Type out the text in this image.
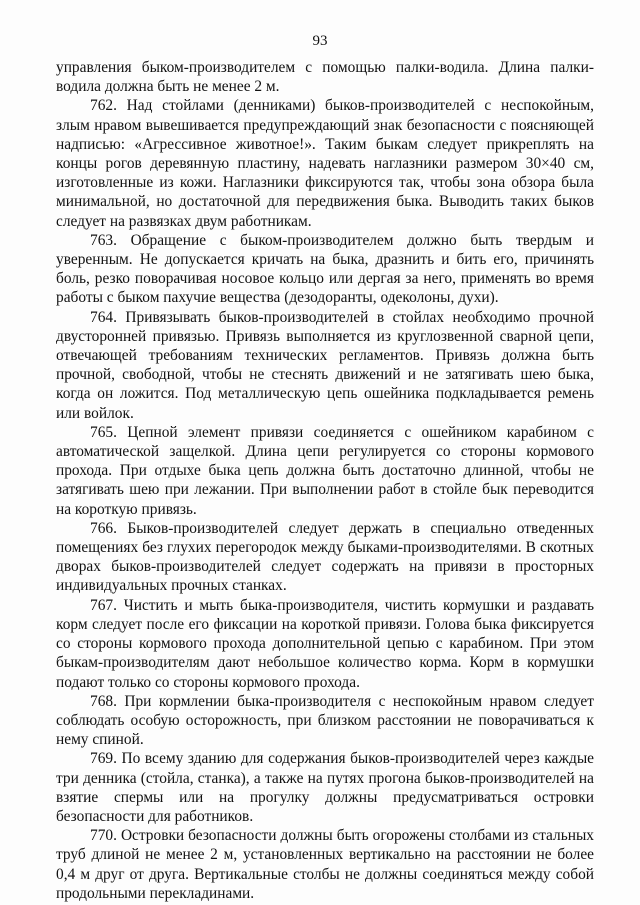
93

управления быком-производителем с помощью палки-водила. Длина палки-водила должна быть не менее 2 м.

762. Над стойлами (денниками) быков-производителей с неспокойным, злым нравом вывешивается предупреждающий знак безопасности с поясняющей надписью: «Агрессивное животное!». Таким быкам следует прикреплять на концы рогов деревянную пластину, надевать наглазники размером 30×40 см, изготовленные из кожи. Наглазники фиксируются так, чтобы зона обзора была минимальной, но достаточной для передвижения быка. Выводить таких быков следует на развязках двум работникам.

763. Обращение с быком-производителем должно быть твердым и уверенным. Не допускается кричать на быка, дразнить и бить его, причинять боль, резко поворачивая носовое кольцо или дергая за него, применять во время работы с быком пахучие вещества (дезодоранты, одеколоны, духи).

764. Привязывать быков-производителей в стойлах необходимо прочной двусторонней привязью. Привязь выполняется из круглозвенной сварной цепи, отвечающей требованиям технических регламентов. Привязь должна быть прочной, свободной, чтобы не стеснять движений и не затягивать шею быка, когда он ложится. Под металлическую цепь ошейника подкладывается ремень или войлок.

765. Цепной элемент привязи соединяется с ошейником карабином с автоматической защелкой. Длина цепи регулируется со стороны кормового прохода. При отдыхе быка цепь должна быть достаточно длинной, чтобы не затягивать шею при лежании. При выполнении работ в стойле бык переводится на короткую привязь.

766. Быков-производителей следует держать в специально отведенных помещениях без глухих перегородок между быками-производителями. В скотных дворах быков-производителей следует содержать на привязи в просторных индивидуальных прочных станках.

767. Чистить и мыть быка-производителя, чистить кормушки и раздавать корм следует после его фиксации на короткой привязи. Голова быка фиксируется со стороны кормового прохода дополнительной цепью с карабином. При этом быкам-производителям дают небольшое количество корма. Корм в кормушки подают только со стороны кормового прохода.

768. При кормлении быка-производителя с неспокойным нравом следует соблюдать особую осторожность, при близком расстоянии не поворачиваться к нему спиной.

769. По всему зданию для содержания быков-производителей через каждые три денника (стойла, станка), а также на путях прогона быков-производителей на взятие спермы или на прогулку должны предусматриваться островки безопасности для работников.

770. Островки безопасности должны быть огорожены столбами из стальных труб длиной не менее 2 м, установленных вертикально на расстоянии не более 0,4 м друг от друга. Вертикальные столбы не должны соединяться между собой продольными перекладинами.
